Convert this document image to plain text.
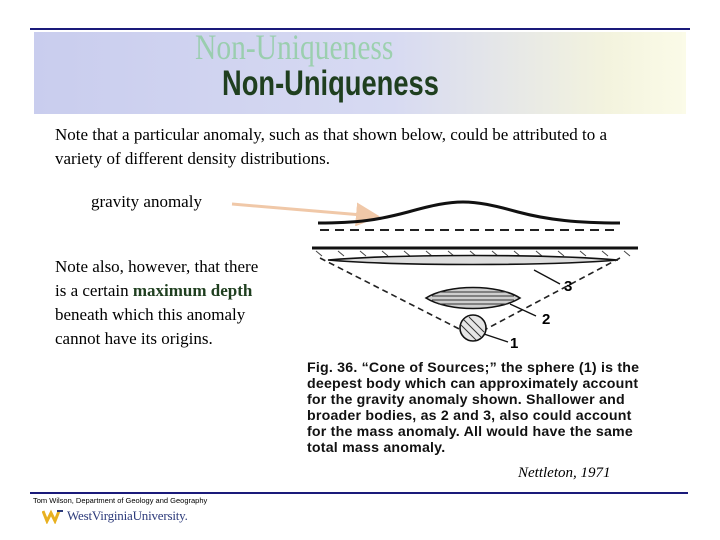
Non-Uniqueness
Non-Uniqueness
Note that a particular anomaly, such as that shown below, could be attributed to a variety of different density distributions.
gravity anomaly
Note also, however, that there is a certain maximum depth beneath which this anomaly cannot have its origins.
3
2
1
Fig. 36. “Cone of Sources;” the sphere (1) is the deepest body which can approximately account for the gravity anomaly shown. Shallower and broader bodies, as 2 and 3, also could account for the mass anomaly. All would have the same total mass anomaly.
Nettleton, 1971
Tom Wilson, Department of Geology and Geography
WestVirginiaUniversity.
